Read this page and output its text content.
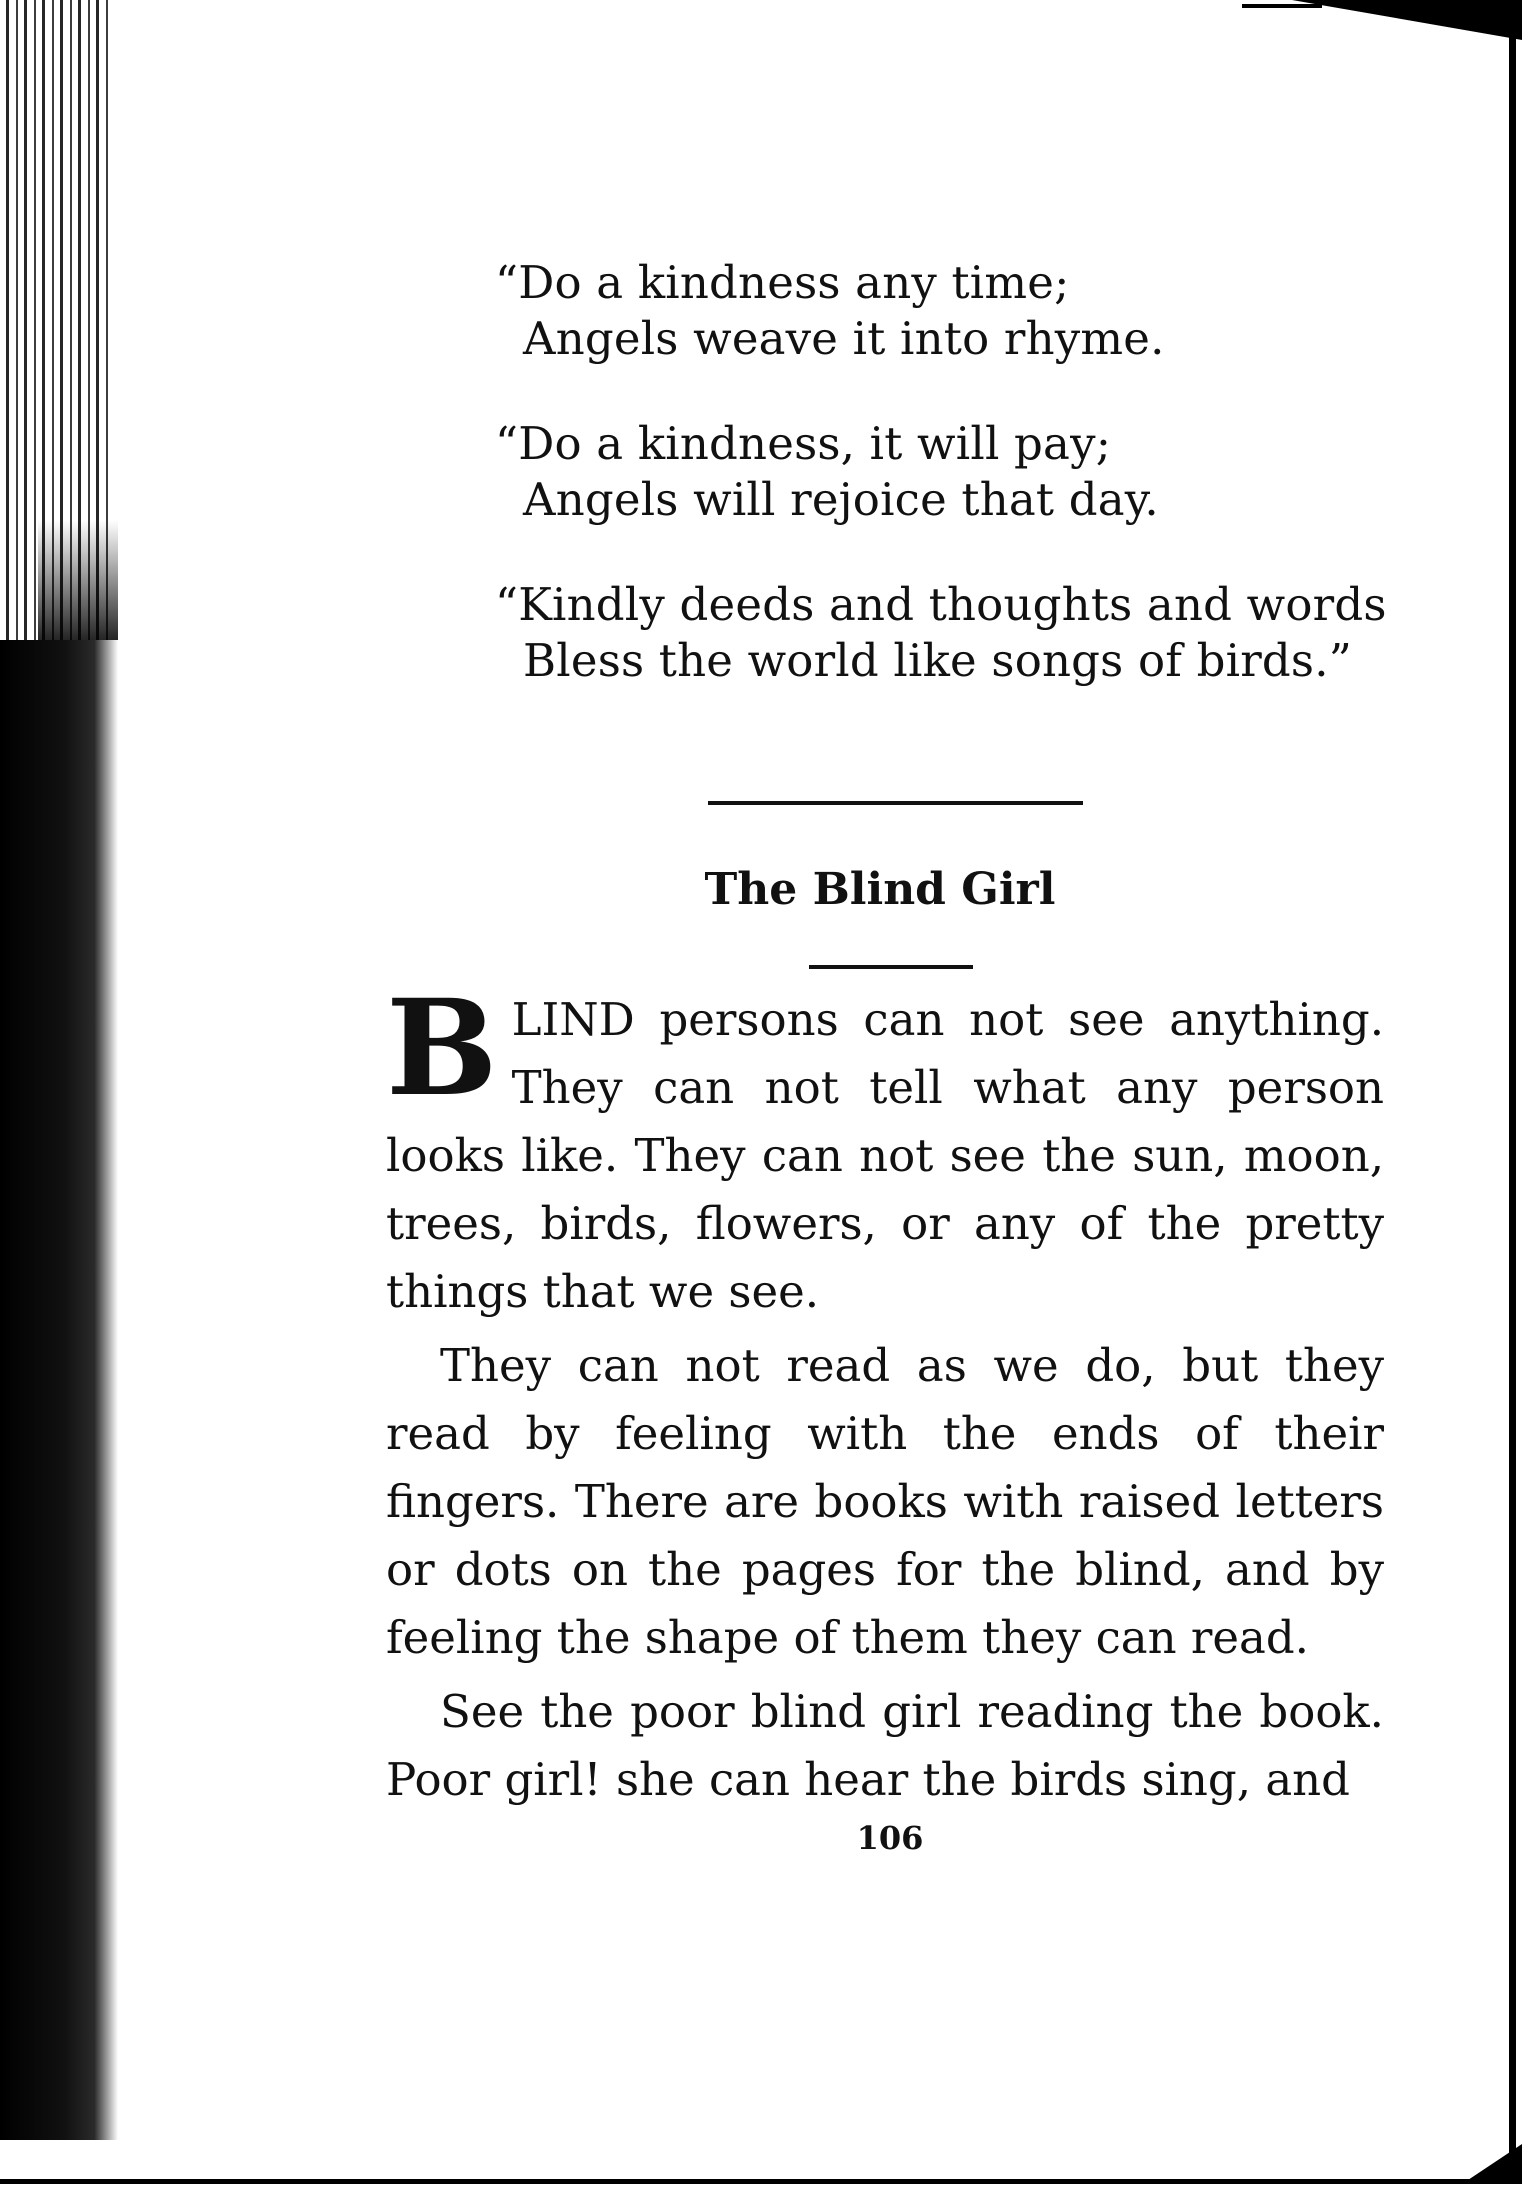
“Do a kindness any time;
Angels weave it into rhyme.
“Do a kindness, it will pay;
Angels will rejoice that day.
“Kindly deeds and thoughts and words
Bless the world like songs of birds.”
The Blind Girl

BLIND persons can not see anything. They can not tell what any person looks like. They can not see the sun, moon, trees, birds, flowers, or any of the pretty things that we see.

They can not read as we do, but they read by feeling with the ends of their fingers. There are books with raised letters or dots on the pages for the blind, and by feeling the shape of them they can read.

See the poor blind girl reading the book. Poor girl! she can hear the birds sing, and

106
